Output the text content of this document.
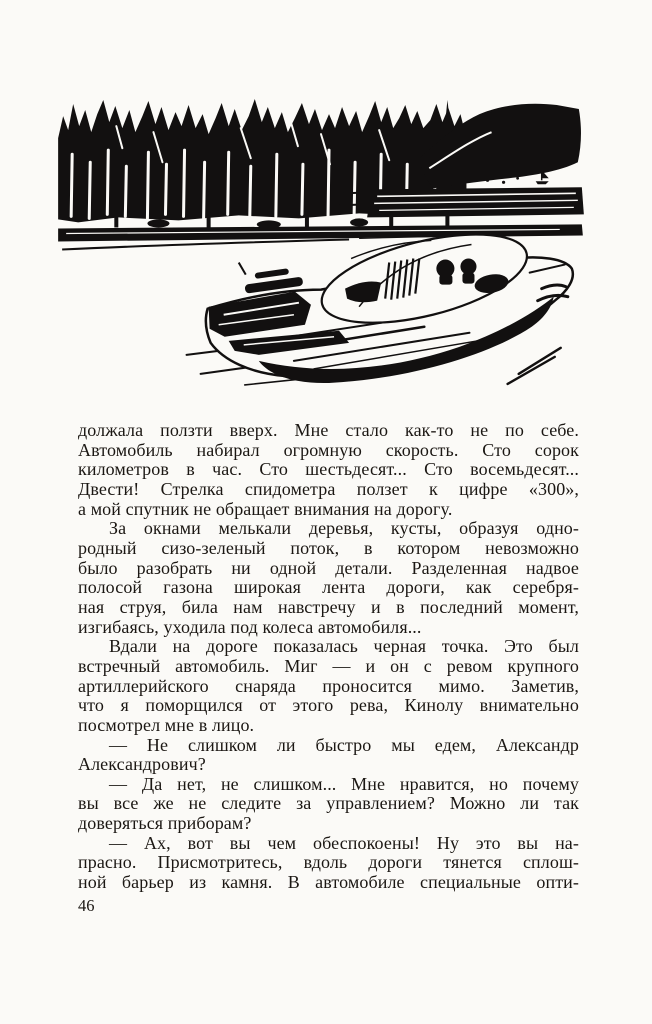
должала ползти вверх. Мне стало как-то не по себе.
Автомобиль набирал огромную скорость. Сто сорок
километров в час. Сто шестьдесят... Сто восемьдесят...
Двести! Стрелка спидометра ползет к цифре «300»,
а мой спутник не обращает внимания на дорогу.
За окнами мелькали деревья, кусты, образуя одно-
родный сизо-зеленый поток, в котором невозможно
было разобрать ни одной детали. Разделенная надвое
полосой газона широкая лента дороги, как серебря-
ная струя, била нам навстречу и в последний момент,
изгибаясь, уходила под колеса автомобиля...
Вдали на дороге показалась черная точка. Это был
встречный автомобиль. Миг — и он с ревом крупного
артиллерийского снаряда проносится мимо. Заметив,
что я поморщился от этого рева, Кинолу внимательно
посмотрел мне в лицо.
— Не слишком ли быстро мы едем, Александр
Александрович?
— Да нет, не слишком... Мне нравится, но почему
вы все же не следите за управлением? Можно ли так
доверяться приборам?
— Ах, вот вы чем обеспокоены! Ну это вы на-
прасно. Присмотритесь, вдоль дороги тянется сплош-
ной барьер из камня. В автомобиле специальные опти-
46
